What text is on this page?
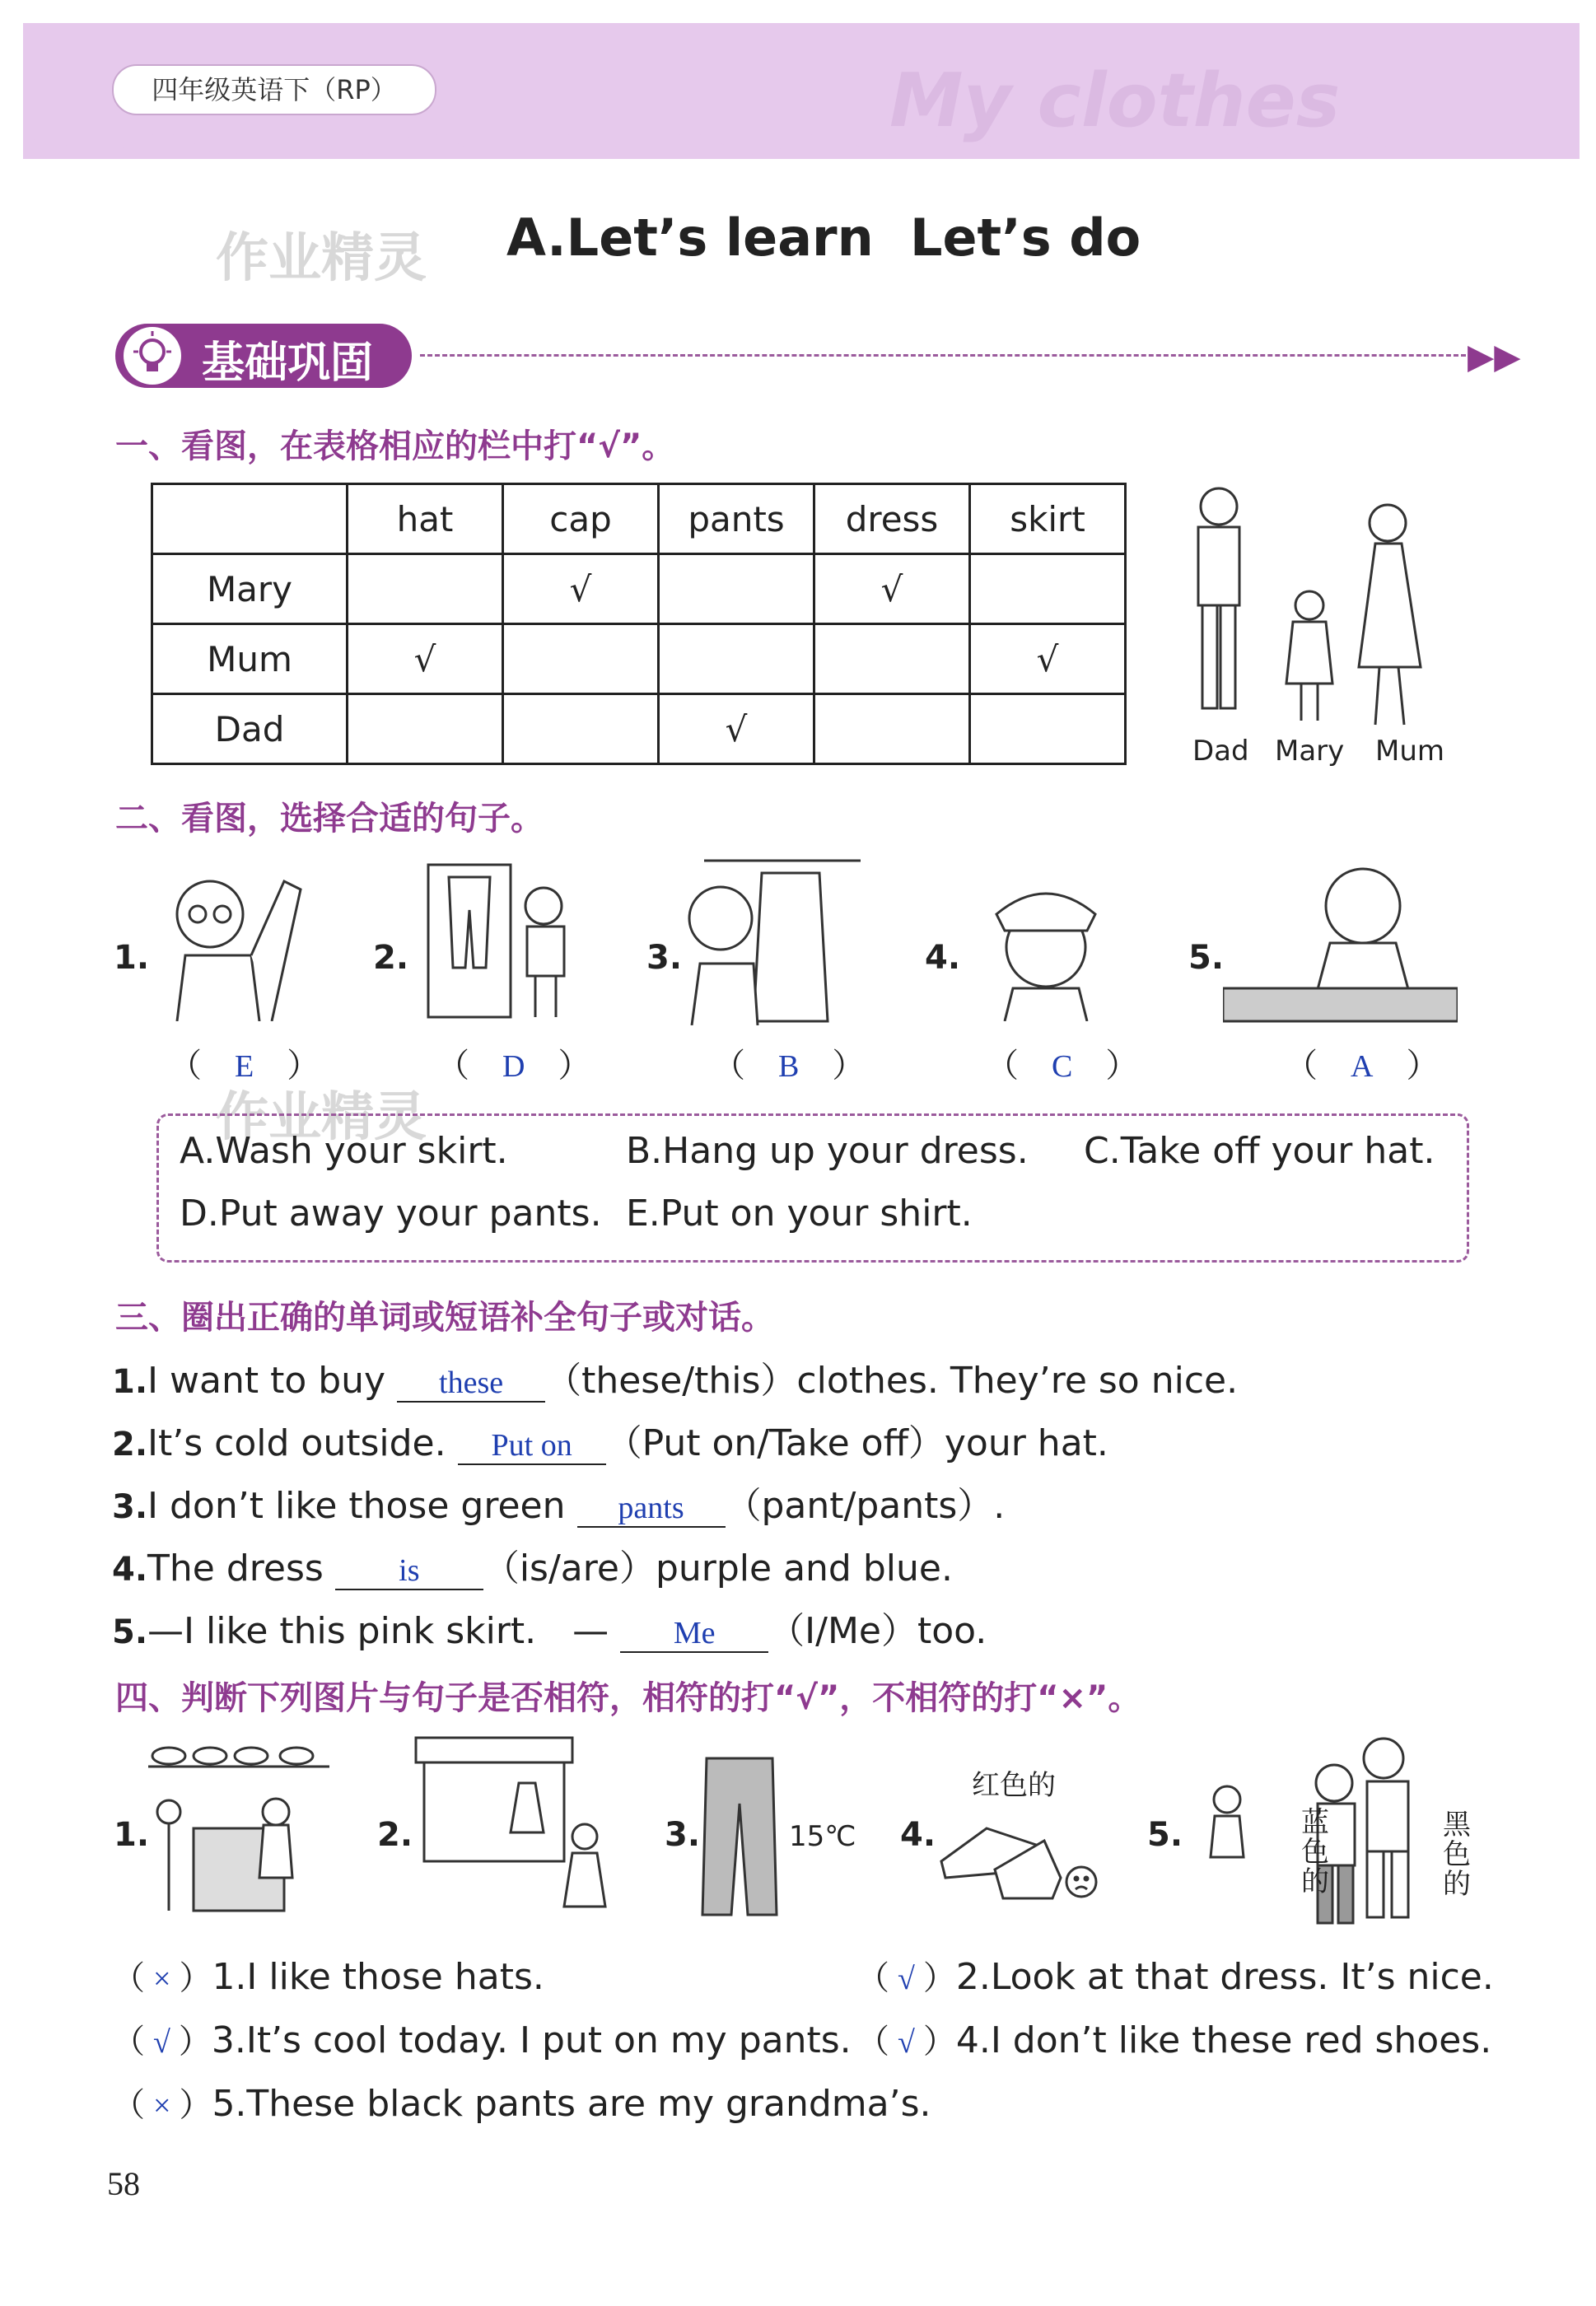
四年级英语下（RP）	My clothes
作业精灵 A.Let’s learn Let’s do
基础巩固	▶▶
一、看图，在表格相应的栏中打“√”。
	hat	cap	pants	dress	skirt
Mary		√		√	
Mum	√				√
Dad			√		
Dad Mary Mum
二、看图，选择合适的句子。
1.
（　E　）
2.
（　D　）
3.
（　B　）
4.
（　C　）
5.
（　A　）
作业精灵
A.Wash your skirt.	B.Hang up your dress. C.Take off your hat.
D.Put away your pants. E.Put on your shirt.
三、圈出正确的单词或短语补全句子或对话。
1.I want to buy these （these/this）clothes. They’re so nice.
2.It’s cold outside. Put on （Put on/Take off）your hat.
3.I don’t like those green pants （pant/pants）.
4.The dress is （is/are）purple and blue.
5.—I like this pink skirt.　— Me （I/Me）too.
四、判断下列图片与句子是否相符，相符的打“√”，不相符的打“×”。
1.	2.	3.	15℃ 4.
红色的
5.	蓝色的
黑色的
（ × ）1.I like those hats.	（ √ ）2.Look at that dress. It’s nice.
（ √ ）3.It’s cool today. I put on my pants. （ √ ）4.I don’t like these red shoes.
（ × ）5.These black pants are my grandma’s.
58
